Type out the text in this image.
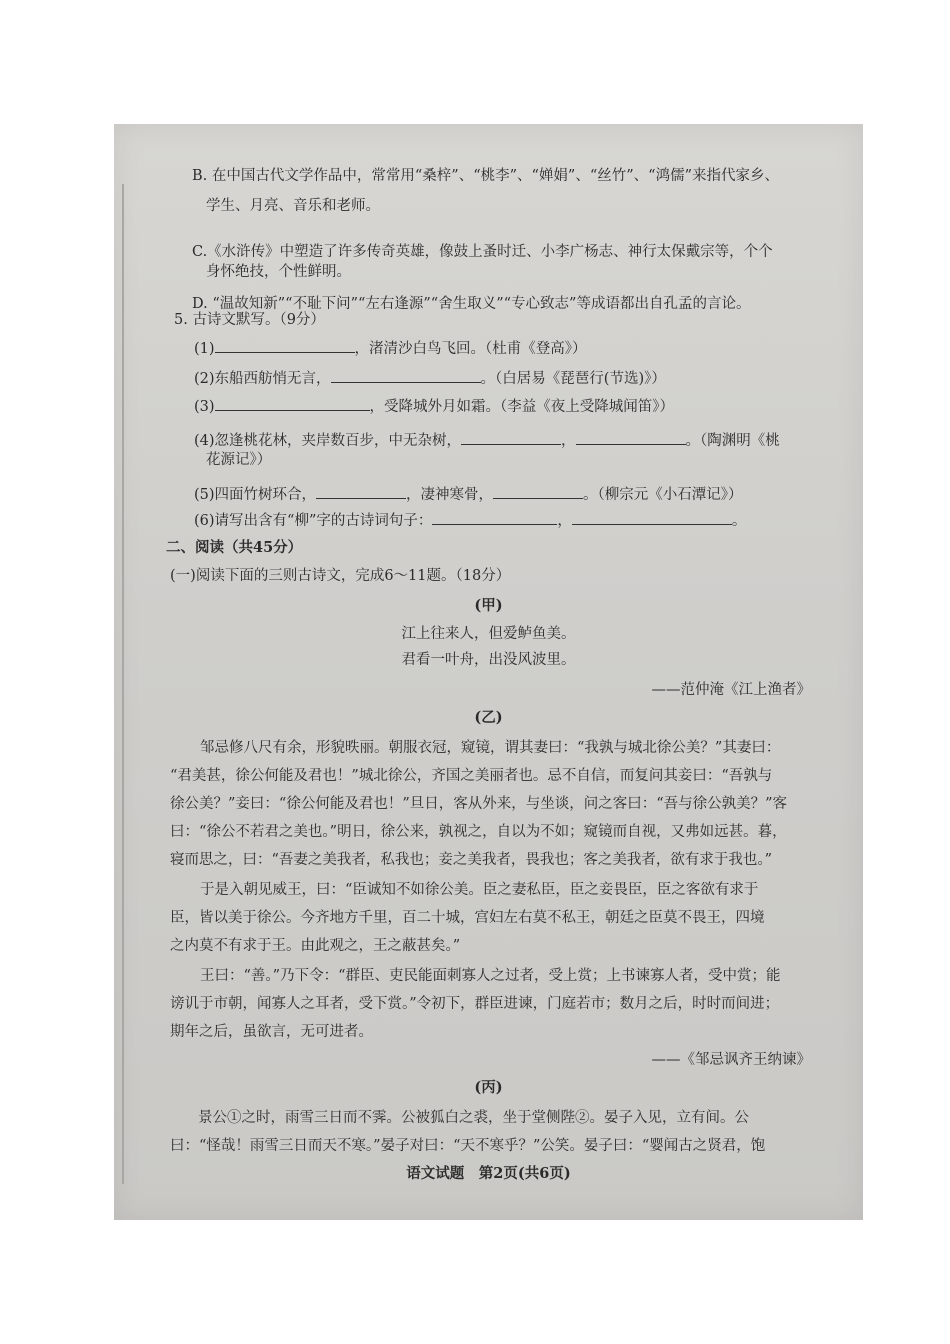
B. 在中国古代文学作品中，常常用“桑梓”、“桃李”、“婵娟”、“丝竹”、“鸿儒”来指代家乡、
学生、月亮、音乐和老师。
C.《水浒传》中塑造了许多传奇英雄，像鼓上蚤时迁、小李广杨志、神行太保戴宗等，个个
身怀绝技，个性鲜明。
D. “温故知新”“不耻下问”“左右逢源”“舍生取义”“专心致志”等成语都出自孔孟的言论。
5. 古诗文默写。（9分）
(1)	，渚清沙白鸟飞回。（杜甫《登高》）
(2)东船西舫悄无言，	。（白居易《琵琶行(节选)》）
(3)	，受降城外月如霜。（李益《夜上受降城闻笛》）
(4)忽逢桃花林，夹岸数百步，中无杂树，	，	。（陶渊明《桃
花源记》）
(5)四面竹树环合，	，凄神寒骨，	。（柳宗元《小石潭记》）
(6)请写出含有“柳”字的古诗词句子：	，	。
二、阅读（共45分）
(一)阅读下面的三则古诗文，完成6～11题。（18分）
(甲)
江上往来人，但爱鲈鱼美。
君看一叶舟，出没风波里。
——范仲淹《江上渔者》
(乙)
邹忌修八尺有余，形貌昳丽。朝服衣冠，窥镜，谓其妻曰：“我孰与城北徐公美？”其妻曰：
“君美甚，徐公何能及君也！”城北徐公，齐国之美丽者也。忌不自信，而复问其妾曰：“吾孰与
徐公美？”妾曰：“徐公何能及君也！”旦日，客从外来，与坐谈，问之客曰：“吾与徐公孰美？”客
曰：“徐公不若君之美也。”明日，徐公来，孰视之，自以为不如；窥镜而自视，又弗如远甚。暮，
寝而思之，曰：“吾妻之美我者，私我也；妾之美我者，畏我也；客之美我者，欲有求于我也。”
于是入朝见威王，曰：“臣诚知不如徐公美。臣之妻私臣，臣之妾畏臣，臣之客欲有求于
臣，皆以美于徐公。今齐地方千里，百二十城，宫妇左右莫不私王，朝廷之臣莫不畏王，四境
之内莫不有求于王。由此观之，王之蔽甚矣。”
王曰：“善。”乃下令：“群臣、吏民能面刺寡人之过者，受上赏；上书谏寡人者，受中赏；能
谤讥于市朝，闻寡人之耳者，受下赏。”令初下，群臣进谏，门庭若市；数月之后，时时而间进；
期年之后，虽欲言，无可进者。
——《邹忌讽齐王纳谏》
(丙)
景公①之时，雨雪三日而不霁。公被狐白之裘，坐于堂侧陛②。晏子入见，立有间。公
曰：“怪哉！雨雪三日而天不寒。”晏子对曰：“天不寒乎？”公笑。晏子曰：“婴闻古之贤君，饱
语文试题　第2页(共6页)
